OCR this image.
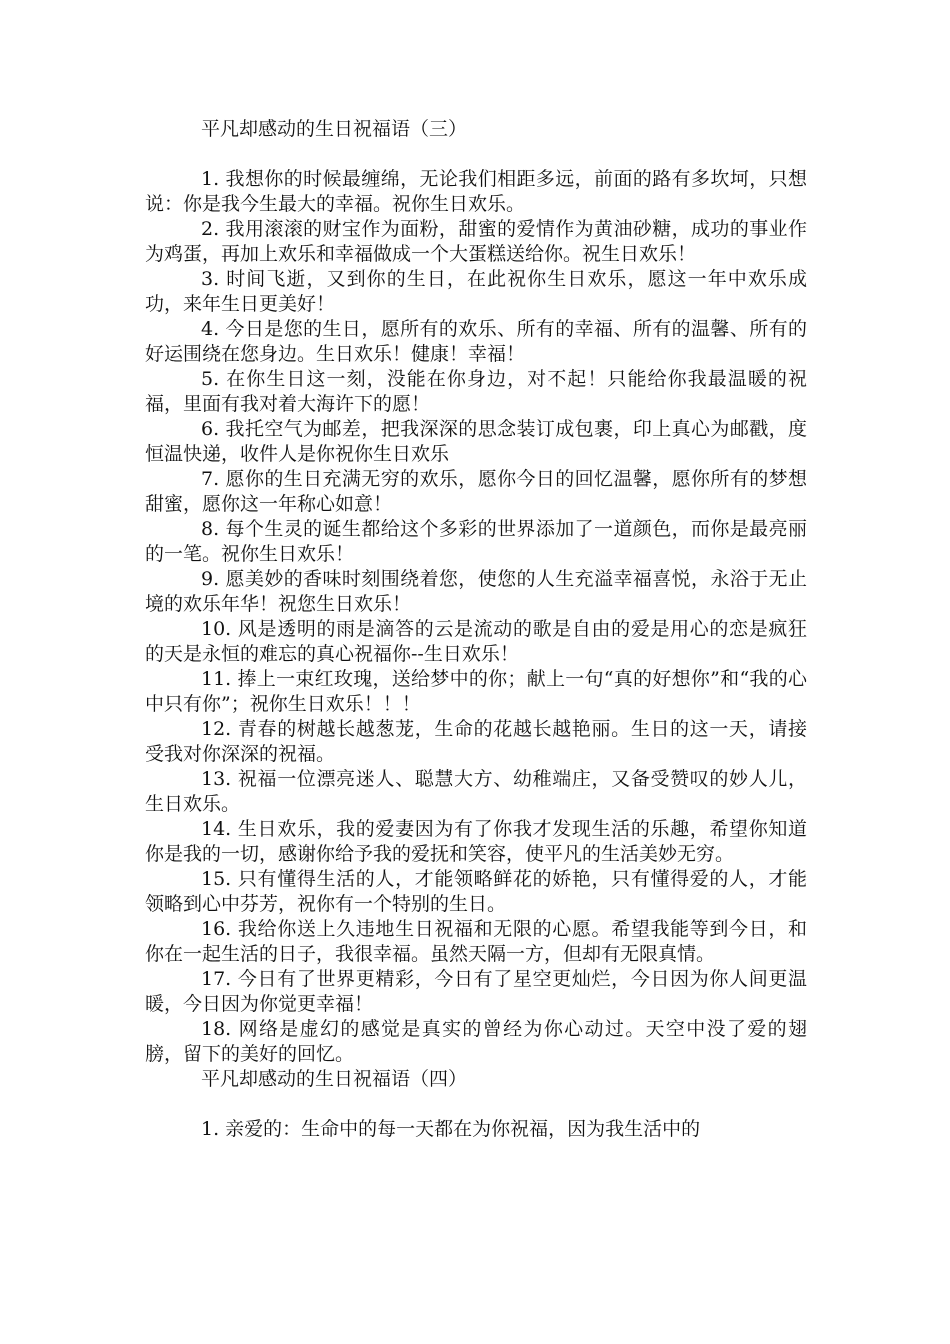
平凡却感动的生日祝福语（三）

1. 我想你的时候最缠绵，无论我们相距多远，前面的路有多坎坷，只想说：你是我今生最大的幸福。祝你生日欢乐。

2. 我用滚滚的财宝作为面粉，甜蜜的爱情作为黄油砂糖，成功的事业作为鸡蛋，再加上欢乐和幸福做成一个大蛋糕送给你。祝生日欢乐！

3. 时间飞逝，又到你的生日，在此祝你生日欢乐，愿这一年中欢乐成功，来年生日更美好！

4. 今日是您的生日，愿所有的欢乐、所有的幸福、所有的温馨、所有的好运围绕在您身边。生日欢乐！健康！幸福！

5. 在你生日这一刻，没能在你身边，对不起！只能给你我最温暖的祝福，里面有我对着大海许下的愿！

6. 我托空气为邮差，把我深深的思念装订成包裹，印上真心为邮戳，度恒温快递，收件人是你祝你生日欢乐

7. 愿你的生日充满无穷的欢乐，愿你今日的回忆温馨，愿你所有的梦想甜蜜，愿你这一年称心如意！

8. 每个生灵的诞生都给这个多彩的世界添加了一道颜色，而你是最亮丽的一笔。祝你生日欢乐！

9. 愿美妙的香味时刻围绕着您，使您的人生充溢幸福喜悦，永浴于无止境的欢乐年华！祝您生日欢乐！

10. 风是透明的雨是滴答的云是流动的歌是自由的爱是用心的恋是疯狂的天是永恒的难忘的真心祝福你--生日欢乐！

11. 捧上一束红玫瑰，送给梦中的你；献上一句“真的好想你”和“我的心中只有你”；祝你生日欢乐！！！

12. 青春的树越长越葱茏，生命的花越长越艳丽。生日的这一天，请接受我对你深深的祝福。

13. 祝福一位漂亮迷人、聪慧大方、幼稚端庄，又备受赞叹的妙人儿，生日欢乐。

14. 生日欢乐，我的爱妻因为有了你我才发现生活的乐趣，希望你知道你是我的一切，感谢你给予我的爱抚和笑容，使平凡的生活美妙无穷。

15. 只有懂得生活的人，才能领略鲜花的娇艳，只有懂得爱的人，才能领略到心中芬芳，祝你有一个特别的生日。

16. 我给你送上久违地生日祝福和无限的心愿。希望我能等到今日，和你在一起生活的日子，我很幸福。虽然天隔一方，但却有无限真情。

17. 今日有了世界更精彩，今日有了星空更灿烂，今日因为你人间更温暖，今日因为你觉更幸福！

18. 网络是虚幻的感觉是真实的曾经为你心动过。天空中没了爱的翅膀，留下的美好的回忆。

平凡却感动的生日祝福语（四）

1. 亲爱的：生命中的每一天都在为你祝福，因为我生活中的
